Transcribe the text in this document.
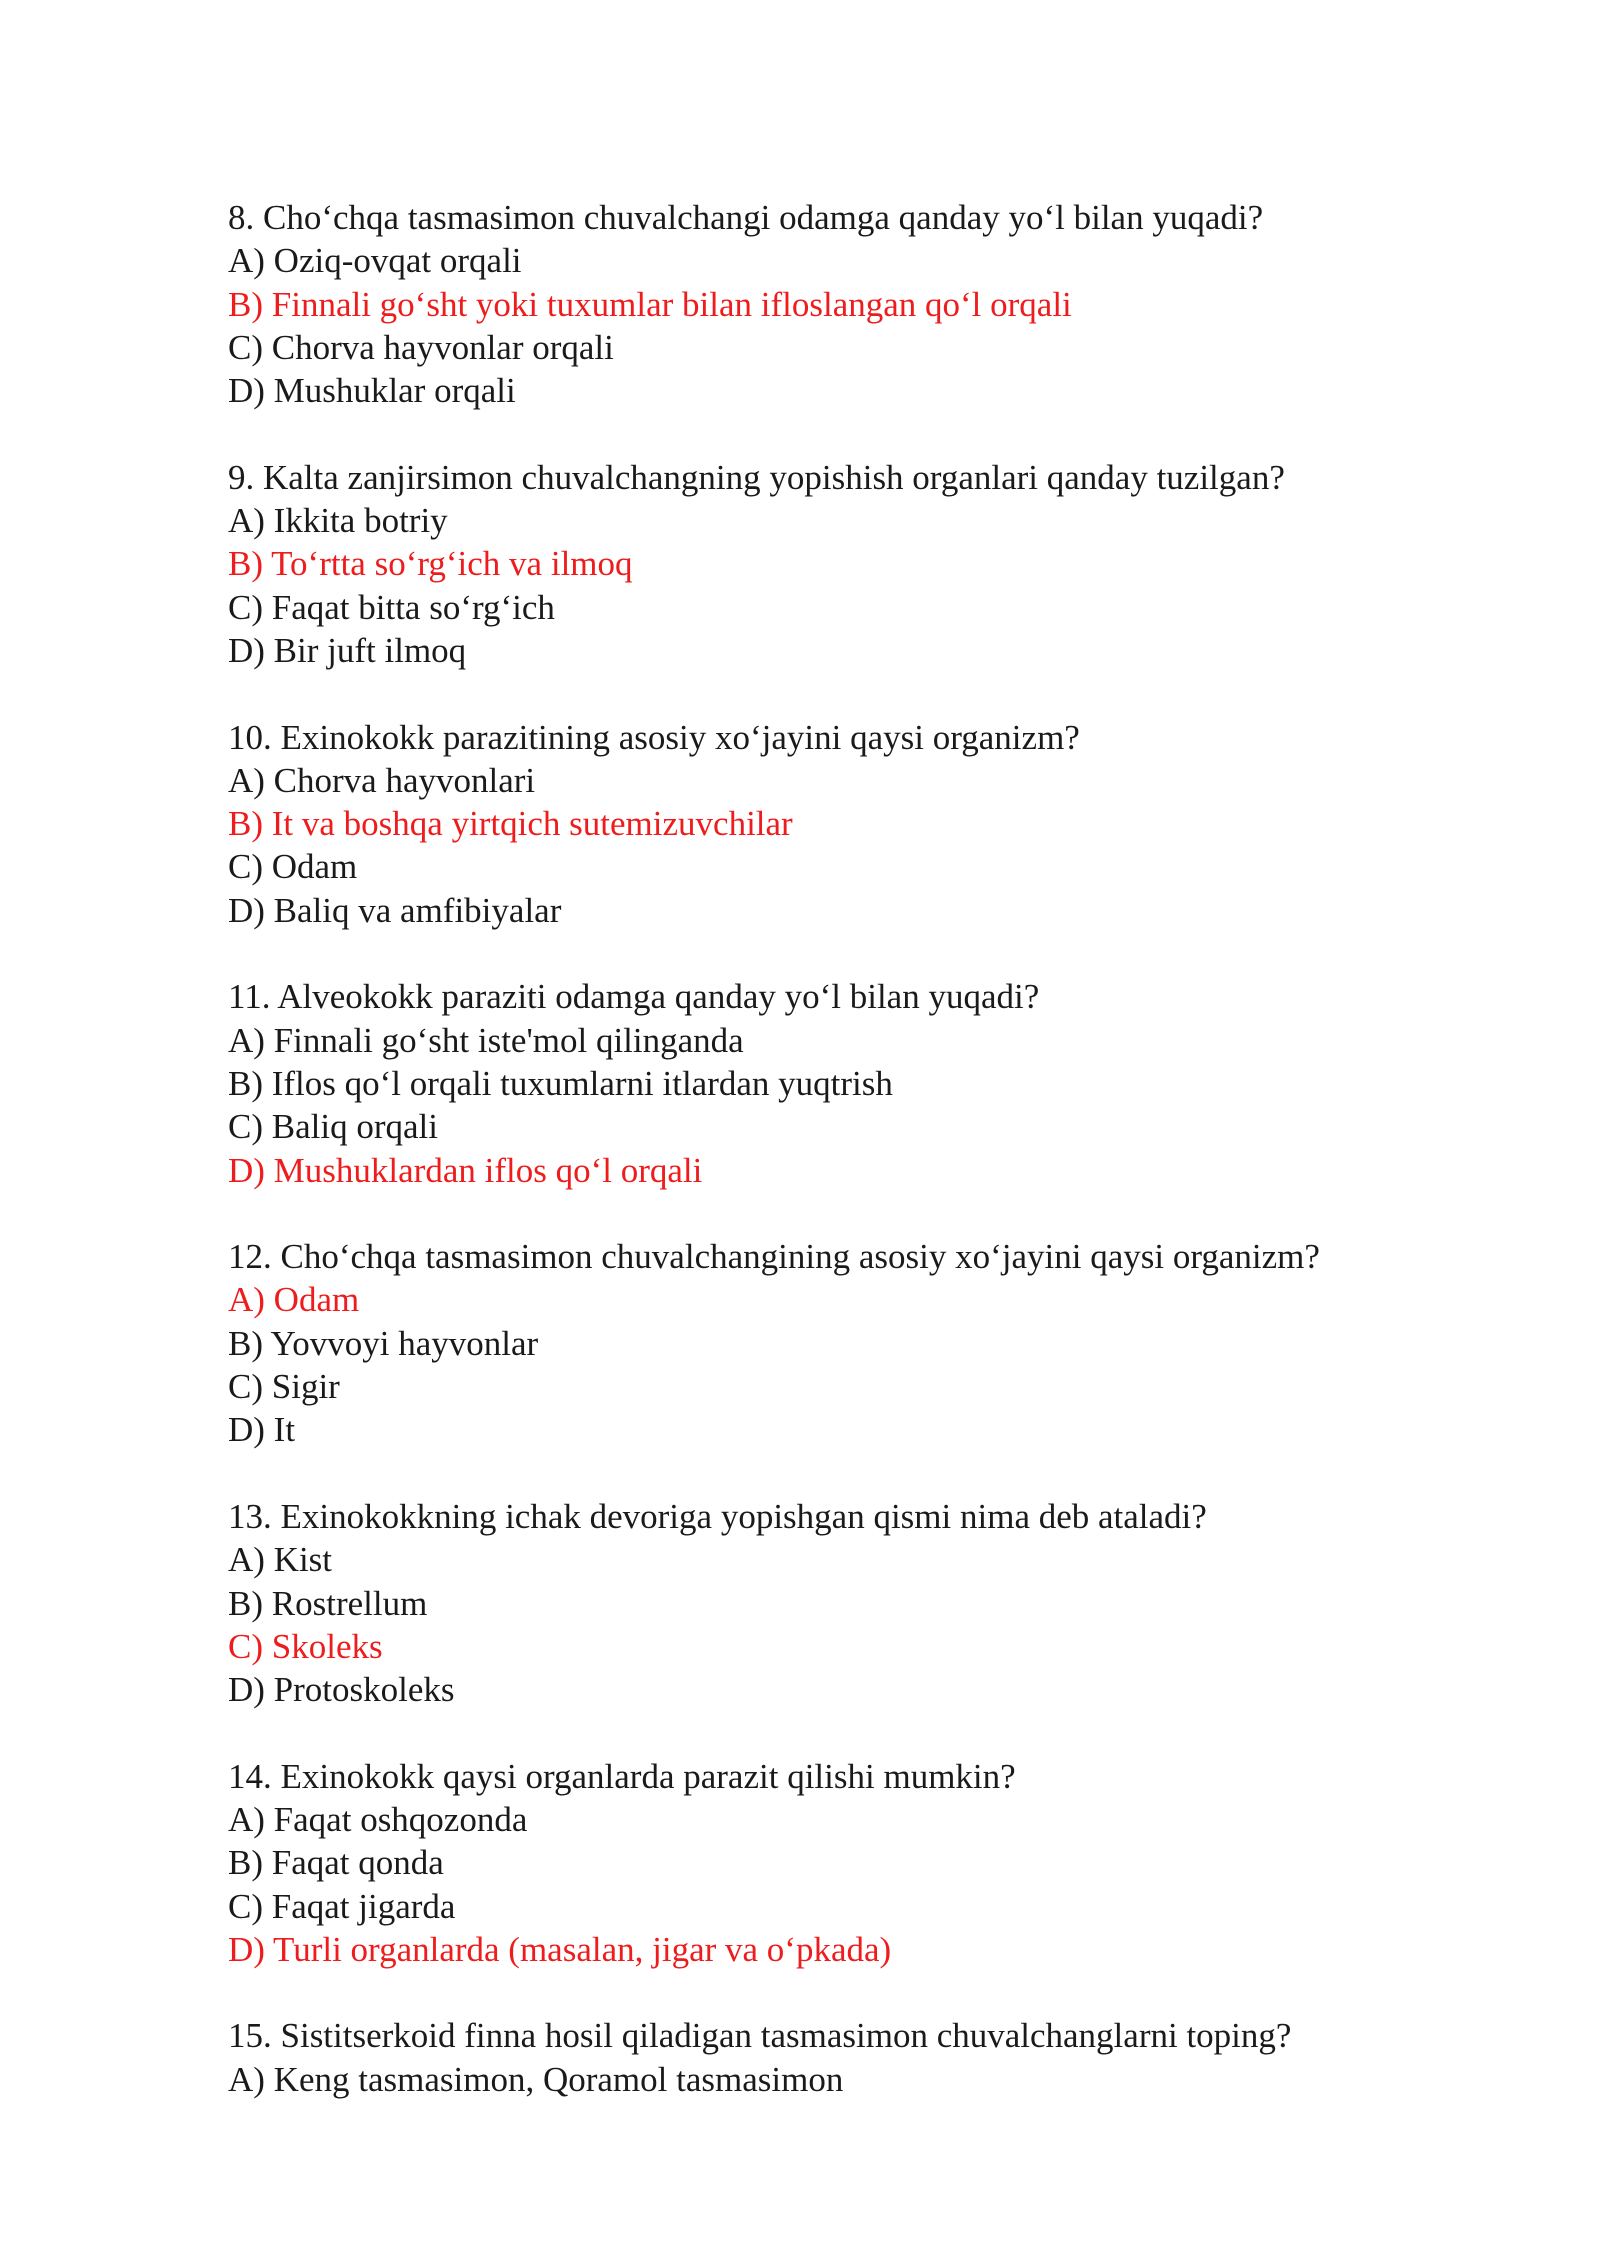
8. Cho‘chqa tasmasimon chuvalchangi odamga qanday yo‘l bilan yuqadi?
A) Oziq-ovqat orqali
B) Finnali go‘sht yoki tuxumlar bilan ifloslangan qo‘l orqali
C) Chorva hayvonlar orqali
D) Mushuklar orqali
9. Kalta zanjirsimon chuvalchangning yopishish organlari qanday tuzilgan?
A) Ikkita botriy
B) To‘rtta so‘rg‘ich va ilmoq
C) Faqat bitta so‘rg‘ich
D) Bir juft ilmoq
10. Exinokokk parazitining asosiy xo‘jayini qaysi organizm?
A) Chorva hayvonlari
B) It va boshqa yirtqich sutemizuvchilar
C) Odam
D) Baliq va amfibiyalar
11. Alveokokk paraziti odamga qanday yo‘l bilan yuqadi?
A) Finnali go‘sht iste'mol qilinganda
B) Iflos qo‘l orqali tuxumlarni itlardan yuqtrish
C) Baliq orqali
D) Mushuklardan iflos qo‘l orqali
12. Cho‘chqa tasmasimon chuvalchangining asosiy xo‘jayini qaysi organizm?
A) Odam
B) Yovvoyi hayvonlar
C) Sigir
D) It
13. Exinokokkning ichak devoriga yopishgan qismi nima deb ataladi?
A) Kist
B) Rostrellum
C) Skoleks
D) Protoskoleks
14. Exinokokk qaysi organlarda parazit qilishi mumkin?
A) Faqat oshqozonda
B) Faqat qonda
C) Faqat jigarda
D) Turli organlarda (masalan, jigar va o‘pkada)
15. Sistitserkoid finna hosil qiladigan tasmasimon chuvalchanglarni toping?
A) Keng tasmasimon, Qoramol tasmasimon
